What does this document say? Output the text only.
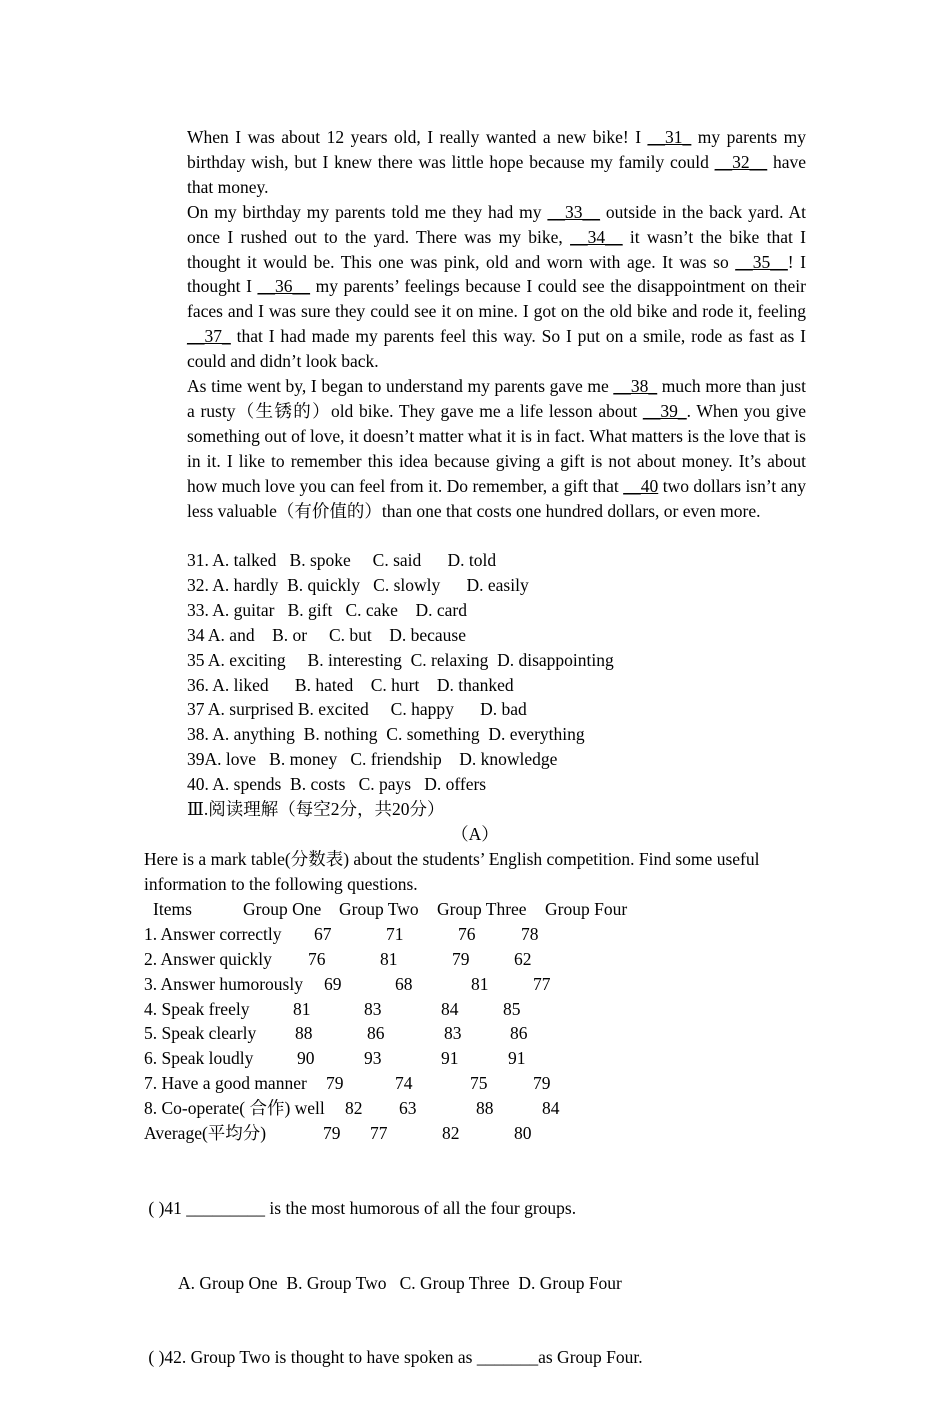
When I was about 12 years old, I really wanted a new bike! I __31_ my parents my birthday wish, but I knew there was little hope because my family could __32__ have that money.

On my birthday my parents told me they had my __33__ outside in the back yard. At once I rushed out to the yard. There was my bike, __34__ it wasn’t the bike that I thought it would be. This one was pink, old and worn with age. It was so __35__! I thought I __36__ my parents’ feelings because I could see the disappointment on their faces and I was sure they could see it on mine. I got on the old bike and rode it, feeling __37_ that I had made my parents feel this way. So I put on a smile, rode as fast as I could and didn’t look back.

As time went by, I began to understand my parents gave me __38_ much more than just a rusty（生锈的）old bike. They gave me a life lesson about __39_. When you give something out of love, it doesn’t matter what it is in fact. What matters is the love that is in it. I like to remember this idea because giving a gift is not about money. It’s about how much love you can feel from it. Do remember, a gift that __40 two dollars isn’t any less valuable（有价值的）than one that costs one hundred dollars, or even more.

31. A. talked   B. spoke     C. said      D. told
32. A. hardly  B. quickly   C. slowly      D. easily
33. A. guitar   B. gift   C. cake    D. card
34 A. and    B. or     C. but    D. because
35 A. exciting     B. interesting  C. relaxing  D. disappointing
36. A. liked      B. hated    C. hurt    D. thanked
37 A. surprised B. excited     C. happy      D. bad
38. A. anything  B. nothing  C. something  D. everything
39A. love   B. money   C. friendship    D. knowledge
40. A. spends  B. costs   C. pays   D. offers
Ⅲ.阅读理解（每空2分，共20分）
（A）

Here is a mark table(分数表) about the students’ English competition. Find some useful information to the following questions.

Items	Group One Group Two Group Three Group Four
1. Answer correctly 67	71	76	78
2. Answer quickly 76	81	79	62
3. Answer humorously 69	68	81	77
4. Speak freely 81	83	84	85
5. Speak clearly 88	86	83	86
6. Speak loudly 90	93	91	91
7. Have a good manner 79	74	75	79
8. Co-operate( 合作) well 82 63	88	84
Average(平均分)	79 77	82	80

( )41 _________ is the most humorous of all the four groups.

A. Group One  B. Group Two   C. Group Three  D. Group Four

( )42. Group Two is thought to have spoken as _______as Group Four.
